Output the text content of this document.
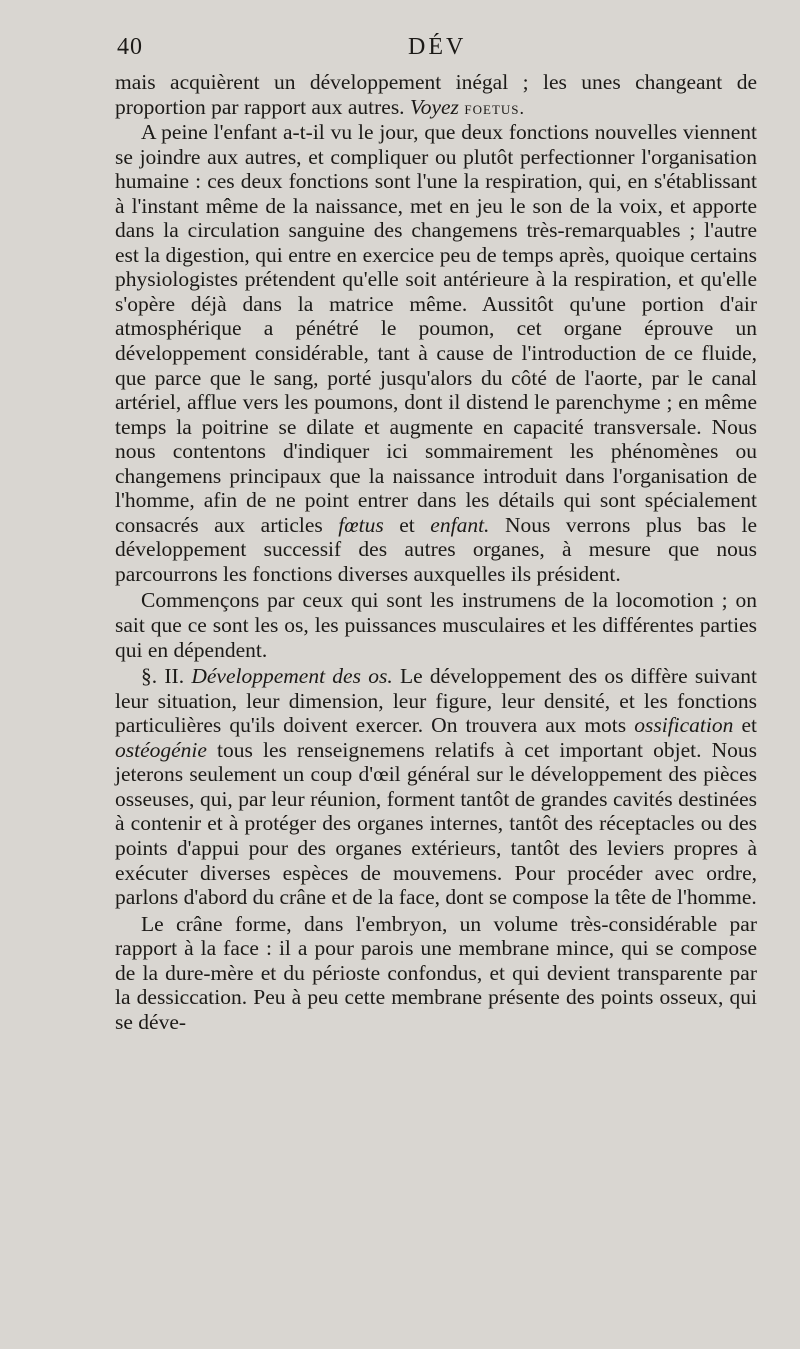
40	DÉV

mais acquièrent un développement inégal ; les unes changeant de proportion par rapport aux autres. Voyez foetus.

A peine l'enfant a-t-il vu le jour, que deux fonctions nouvelles viennent se joindre aux autres, et compliquer ou plutôt perfectionner l'organisation humaine : ces deux fonctions sont l'une la respiration, qui, en s'établissant à l'instant même de la naissance, met en jeu le son de la voix, et apporte dans la circulation sanguine des changemens très-remarquables ; l'autre est la digestion, qui entre en exercice peu de temps après, quoique certains physiologistes prétendent qu'elle soit antérieure à la respiration, et qu'elle s'opère déjà dans la matrice même. Aussitôt qu'une portion d'air atmosphérique a pénétré le poumon, cet organe éprouve un développement considérable, tant à cause de l'introduction de ce fluide, que parce que le sang, porté jusqu'alors du côté de l'aorte, par le canal artériel, afflue vers les poumons, dont il distend le parenchyme ; en même temps la poitrine se dilate et augmente en capacité transversale. Nous nous contentons d'indiquer ici sommairement les phénomènes ou changemens principaux que la naissance introduit dans l'organisation de l'homme, afin de ne point entrer dans les détails qui sont spécialement consacrés aux articles fœtus et enfant. Nous verrons plus bas le développement successif des autres organes, à mesure que nous parcourrons les fonctions diverses auxquelles ils président.

Commençons par ceux qui sont les instrumens de la locomotion ; on sait que ce sont les os, les puissances musculaires et les différentes parties qui en dépendent.

§. II. Développement des os. Le développement des os diffère suivant leur situation, leur dimension, leur figure, leur densité, et les fonctions particulières qu'ils doivent exercer. On trouvera aux mots ossification et ostéogénie tous les renseignemens relatifs à cet important objet. Nous jeterons seulement un coup d'œil général sur le développement des pièces osseuses, qui, par leur réunion, forment tantôt de grandes cavités destinées à contenir et à protéger des organes internes, tantôt des réceptacles ou des points d'appui pour des organes extérieurs, tantôt des leviers propres à exécuter diverses espèces de mouvemens. Pour procéder avec ordre, parlons d'abord du crâne et de la face, dont se compose la tête de l'homme.

Le crâne forme, dans l'embryon, un volume très-considérable par rapport à la face : il a pour parois une membrane mince, qui se compose de la dure-mère et du périoste confondus, et qui devient transparente par la dessiccation. Peu à peu cette membrane présente des points osseux, qui se déve-
